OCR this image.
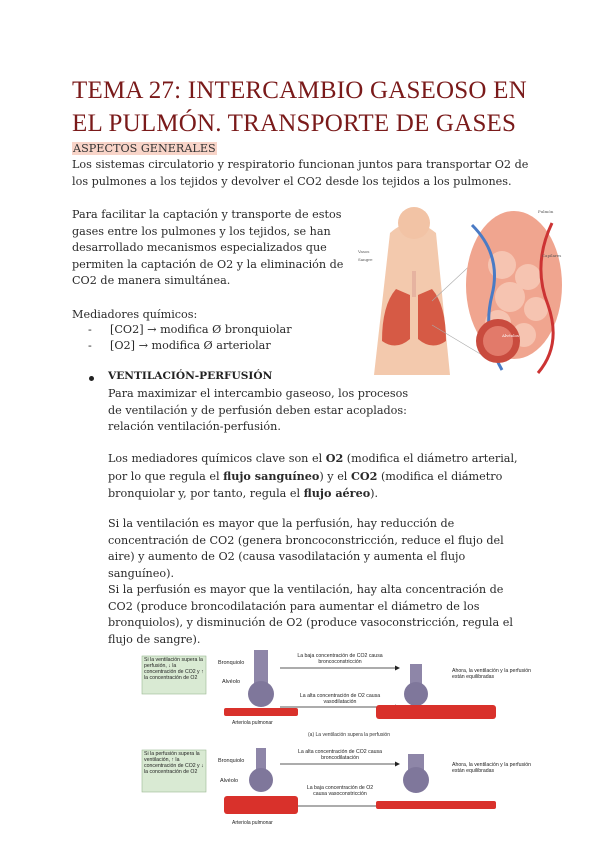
TEMA 27: INTERCAMBIO GASEOSO EN EL PULMÓN. TRANSPORTE DE GASES
ASPECTOS GENERALES
Los sistemas circulatorio y respiratorio funcionan juntos para transportar O2 de los pulmones a los tejidos y devolver el CO2 desde los tejidos a los pulmones.
Para facilitar la captación y transporte de estos gases entre los pulmones y los tejidos, se han desarrollado mecanismos especializados que permiten la captación de O2 y la eliminación de CO2 de manera simultánea.
Pulmón
Capilares
Vasos
Sangre
Alvéolos
Mediadores químicos:
- [CO2] → modifica Ø bronquiolar
- [O2] → modifica Ø arteriolar
VENTILACIÓN-PERFUSIÓN
Para maximizar el intercambio gaseoso, los procesos de ventilación y de perfusión deben estar acoplados: relación ventilación-perfusión.
Los mediadores químicos clave son el O2 (modifica el diámetro arterial, por lo que regula el flujo sanguíneo) y el CO2 (modifica el diámetro bronquiolar y, por tanto, regula el flujo aéreo).
Si la ventilación es mayor que la perfusión, hay reducción de concentración de CO2 (genera broncoconstricción, reduce el flujo del aire) y aumento de O2 (causa vasodilatación y aumenta el flujo sanguíneo).
Si la perfusión es mayor que la ventilación, hay alta concentración de CO2 (produce broncodilatación para aumentar el diámetro de los bronquiolos), y disminución de O2 (produce vasoconstricción, regula el flujo de sangre).
Si la ventilación supera la perfusión, ↓ la concentración de CO2 y ↑ la concentración de O2
Bronquiolo
Alvéolo
La baja concentración de CO2 causa broncoconstricción
La alta concentración de O2 causa vasodilatación
Arteriola pulmonar
Ahora, la ventilación y la perfusión están equilibradas
(a) La ventilación supera la perfusión
Si la perfusión supera la ventilación, ↑ la concentración de CO2 y ↓ la concentración de O2
Bronquiolo
Alvéolo
La alta concentración de CO2 causa broncodilatación
La baja concentración de O2 causa vasoconstricción
Arteriola pulmonar
Ahora, la ventilación y la perfusión están equilibradas
